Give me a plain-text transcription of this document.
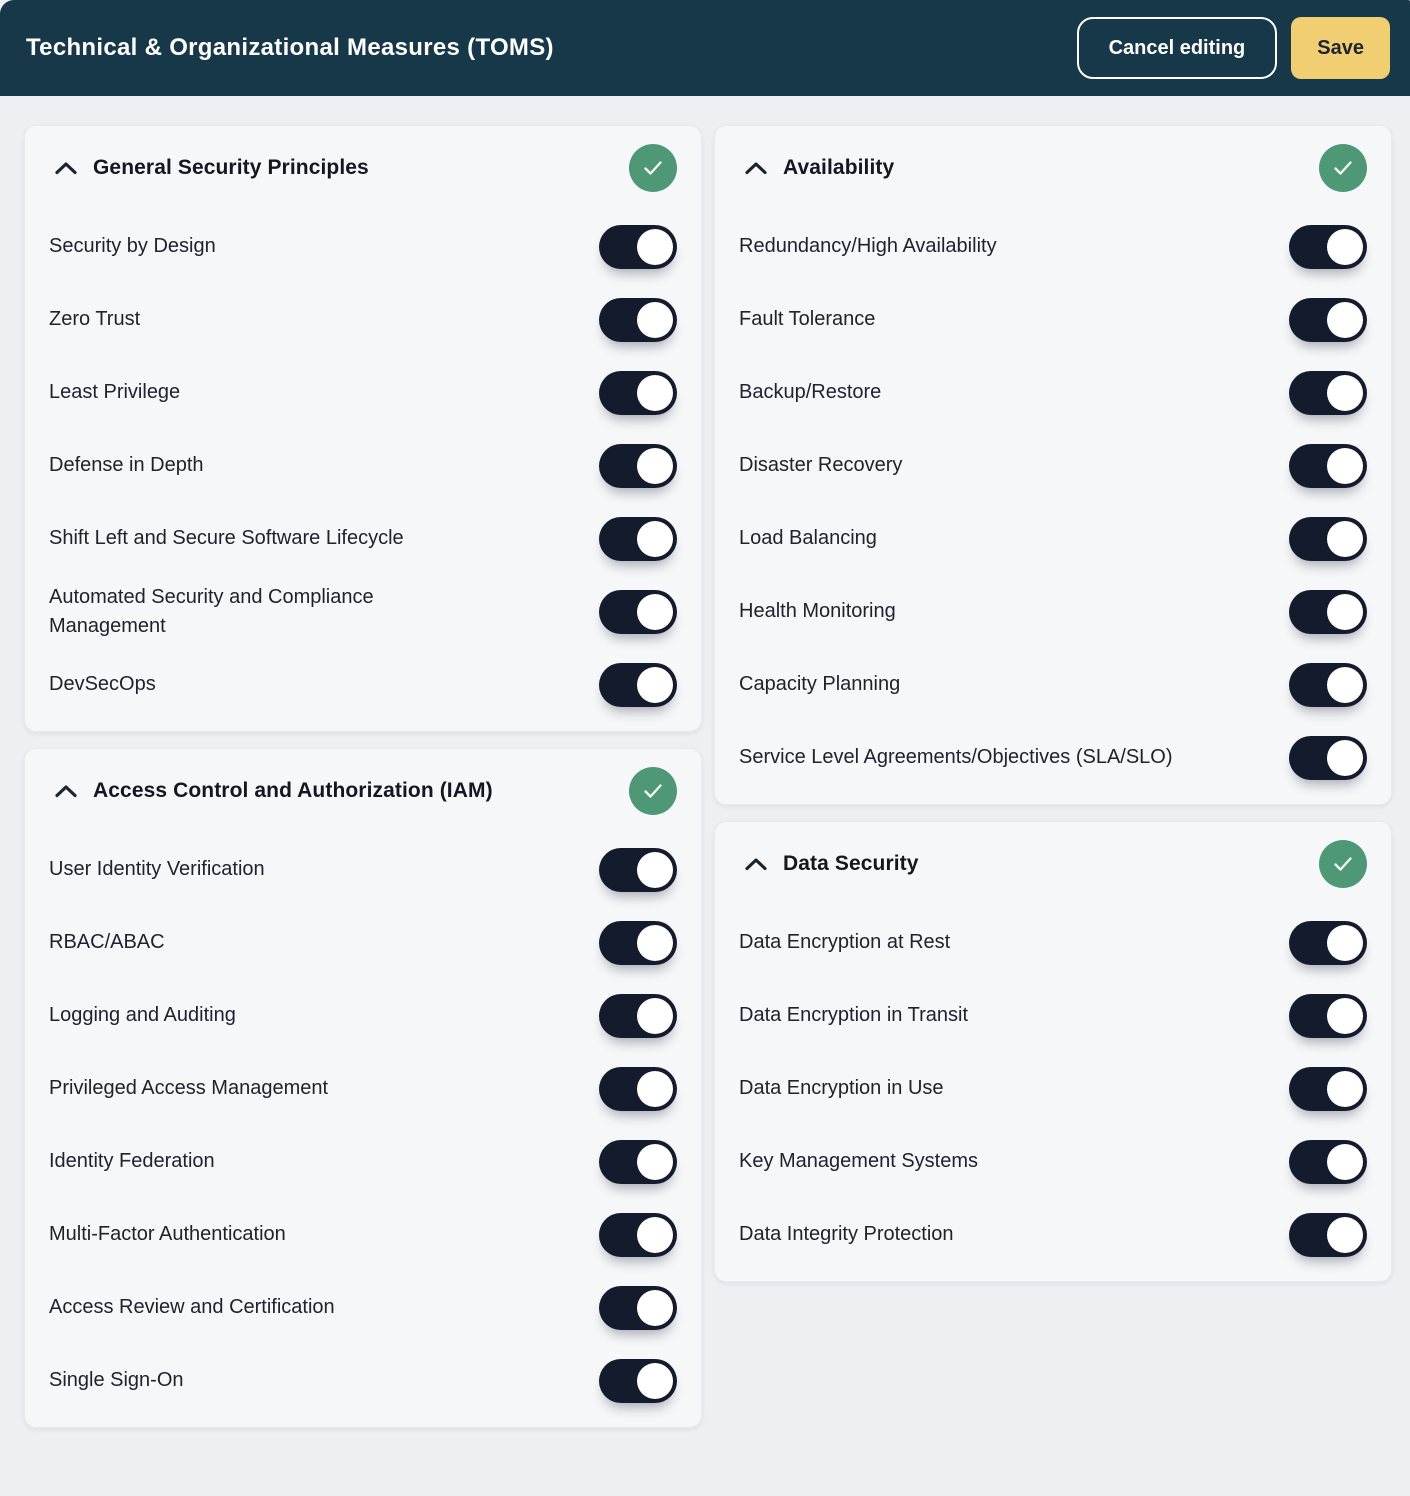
Technical & Organizational Measures (TOMS)	Cancel editing	Save
General Security Principles
Security by Design
Zero Trust
Least Privilege
Defense in Depth
Shift Left and Secure Software Lifecycle
Automated Security and Compliance Management
DevSecOps
Access Control and Authorization (IAM)
User Identity Verification
RBAC/ABAC
Logging and Auditing
Privileged Access Management
Identity Federation
Multi-Factor Authentication
Access Review and Certification
Single Sign-On
Availability
Redundancy/High Availability
Fault Tolerance
Backup/Restore
Disaster Recovery
Load Balancing
Health Monitoring
Capacity Planning
Service Level Agreements/Objectives (SLA/SLO)
Data Security
Data Encryption at Rest
Data Encryption in Transit
Data Encryption in Use
Key Management Systems
Data Integrity Protection
